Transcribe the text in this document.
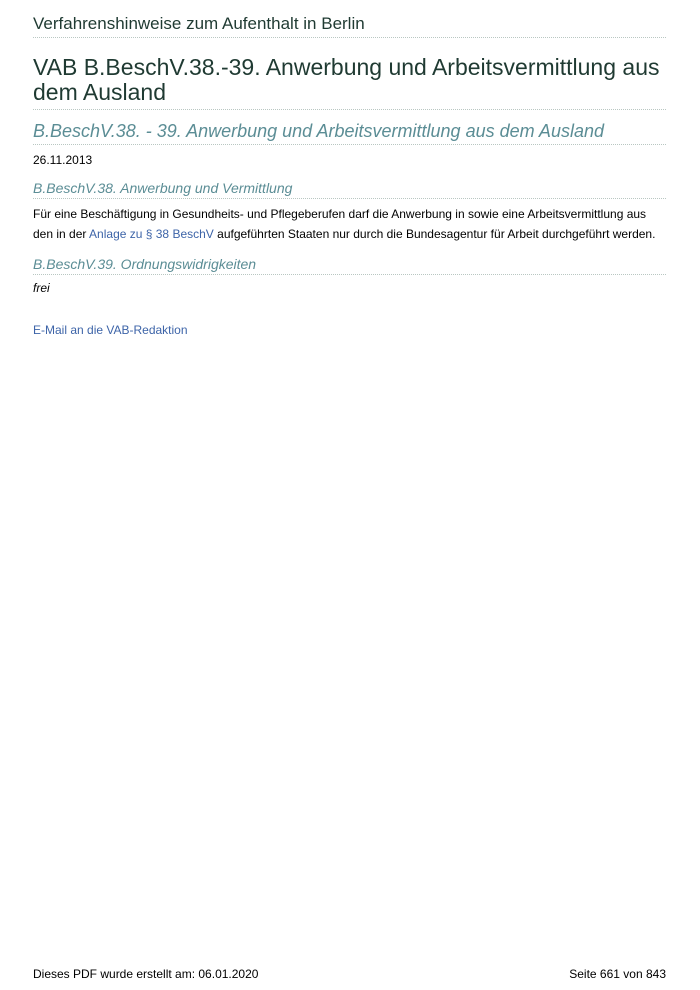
Verfahrenshinweise zum Aufenthalt in Berlin
VAB B.BeschV.38.-39. Anwerbung und Arbeitsvermittlung aus dem Ausland
B.BeschV.38. - 39. Anwerbung und Arbeitsvermittlung aus dem Ausland
26.11.2013
B.BeschV.38. Anwerbung und Vermittlung
Für eine Beschäftigung in Gesundheits- und Pflegeberufen darf die Anwerbung in sowie eine Arbeitsvermittlung aus den in der Anlage zu § 38 BeschV aufgeführten Staaten nur durch die Bundesagentur für Arbeit durchgeführt werden.
B.BeschV.39. Ordnungswidrigkeiten
frei
E-Mail an die VAB-Redaktion
Dieses PDF wurde erstellt am: 06.01.2020	Seite 661 von 843
